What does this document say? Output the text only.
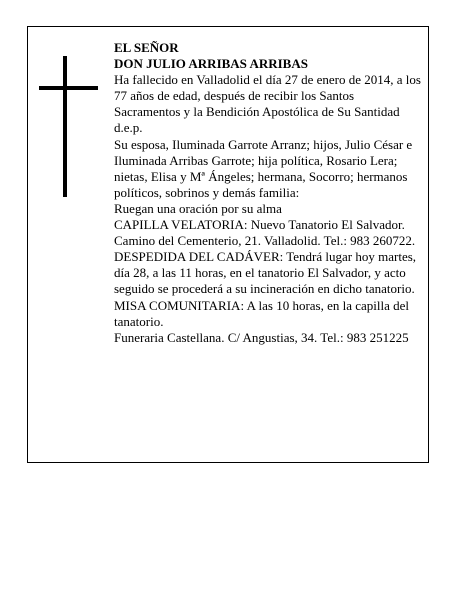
EL SEÑOR

DON JULIO ARRIBAS ARRIBAS

Ha fallecido en Valladolid el día 27 de enero de 2014, a los 77 años de edad, después de recibir los Santos Sacramentos y la Bendición Apostólica de Su Santidad d.e.p.

Su esposa, Iluminada Garrote Arranz; hijos, Julio César e Iluminada Arribas Garrote; hija política, Rosario Lera; nietas, Elisa y Mª Ángeles; hermana, Socorro; hermanos políticos, sobrinos y demás familia:

Ruegan una oración por su alma

CAPILLA VELATORIA: Nuevo Tanatorio El Salvador. Camino del Cementerio, 21. Valladolid. Tel.: 983 260722.

DESPEDIDA DEL CADÁVER: Tendrá lugar hoy martes, día 28, a las 11 horas, en el tanatorio El Salvador, y acto seguido se procederá a su incineración en dicho tanatorio.

MISA COMUNITARIA: A las 10 horas, en la capilla del tanatorio.

Funeraria Castellana. C/ Angustias, 34. Tel.: 983 251225
